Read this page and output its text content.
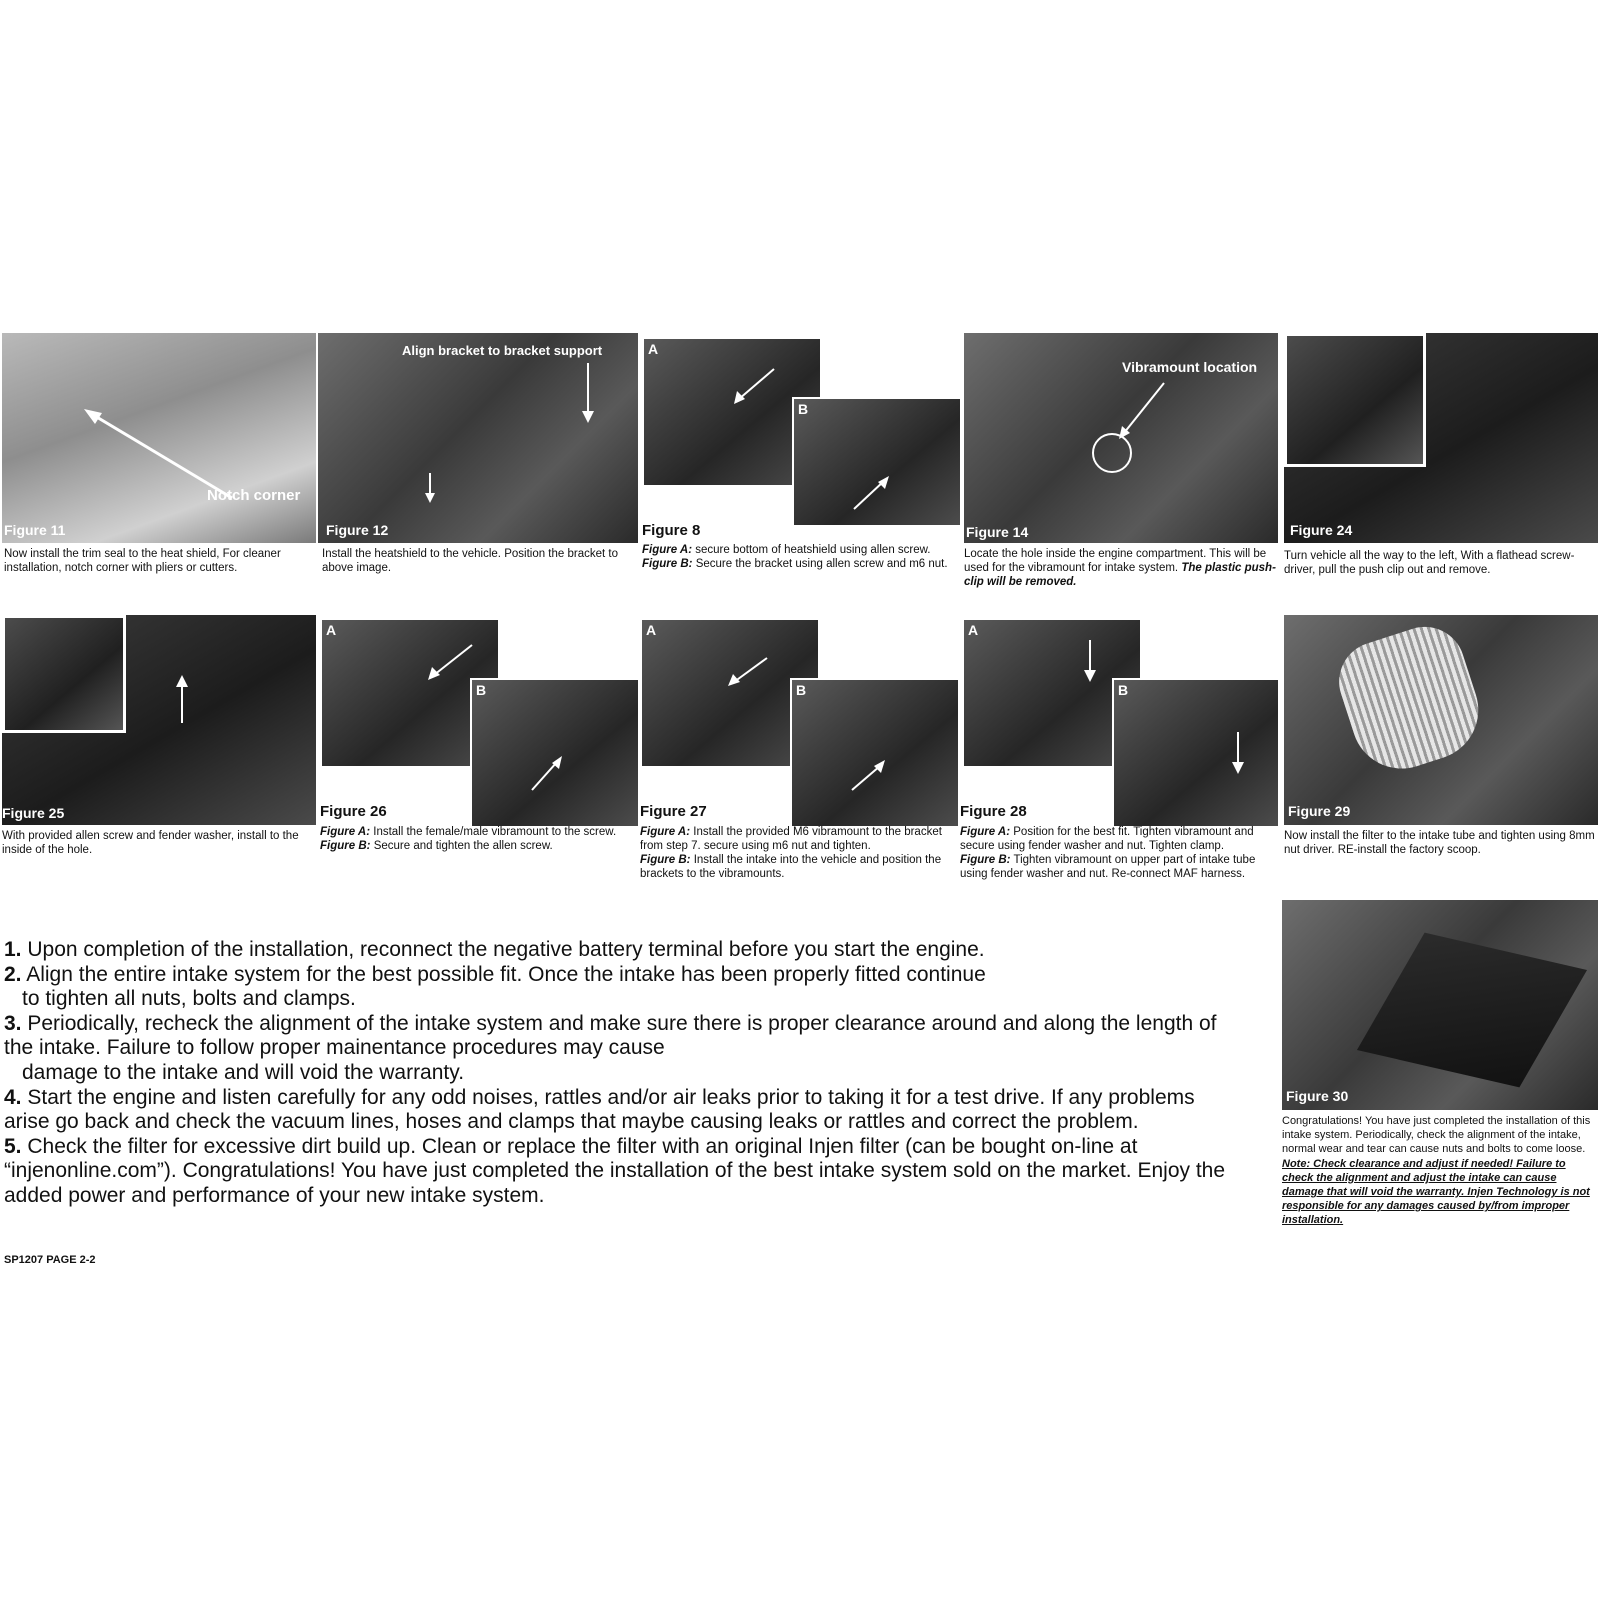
Notch corner
Figure 11
Now install the trim seal to the heat shield, For cleaner installation, notch corner with pliers or cutters.
Align bracket to bracket support
Figure 12
Install the heatshield to the vehicle. Position the bracket to above image.
A
B
Figure 8
Figure A: secure bottom of heatshield using allen screw.
Figure B: Secure the bracket using allen screw and m6 nut.
Vibramount location
Figure 14
Locate the hole inside the engine compartment. This will be used for the vibramount for intake system. The plastic push-clip will be removed.
Figure 24
Turn vehicle all the way to the left, With a flathead screw-driver, pull the push clip out and remove.
Figure 25
With provided allen screw and fender washer, install to the inside of the hole.
A
B
Figure 26
Figure A: Install the female/male vibramount to the screw.
Figure B: Secure and tighten the allen screw.
A
B
Figure 27
Figure A: Install the provided M6 vibramount to the bracket from step 7. secure using m6 nut and tighten.
Figure B: Install the intake into the vehicle and position the brackets to the vibramounts.
A
B
Figure 28
Figure A: Position for the best fit. Tighten vibramount and secure using fender washer and nut. Tighten clamp.
Figure B: Tighten vibramount on upper part of intake tube using fender washer and nut. Re-connect MAF harness.
Figure 29
Now install the filter to the intake tube and tighten using 8mm nut driver. RE-install the factory scoop.
Figure 30
Congratulations! You have just completed the installation of this intake system. Periodically, check the alignment of the intake, normal wear and tear can cause nuts and bolts to come loose. Note: Check clearance and adjust if needed! Failure to check the alignment and adjust the intake can cause damage that will void the warranty. Injen Technology is not responsible for any damages caused by/from improper installation.

1. Upon completion of the installation, reconnect the negative battery terminal before you start the engine.

2. Align the entire intake system for the best possible fit. Once the intake has been properly fitted continue

to tighten all nuts, bolts and clamps.

3. Periodically, recheck the alignment of the intake system and make sure there is proper clearance around and along the length of the intake. Failure to follow proper mainentance procedures may cause

damage to the intake and will void the warranty.

4. Start the engine and listen carefully for any odd noises, rattles and/or air leaks prior to taking it for a test drive. If any problems arise go back and check the vacuum lines, hoses and clamps that maybe causing leaks or rattles and correct the problem.

5. Check the filter for excessive dirt build up. Clean or replace the filter with an original Injen filter (can be bought on-line at “injenonline.com”). Congratulations! You have just completed the installation of the best intake system sold on the market. Enjoy the added power and performance of your new intake system.

SP1207 PAGE 2-2
